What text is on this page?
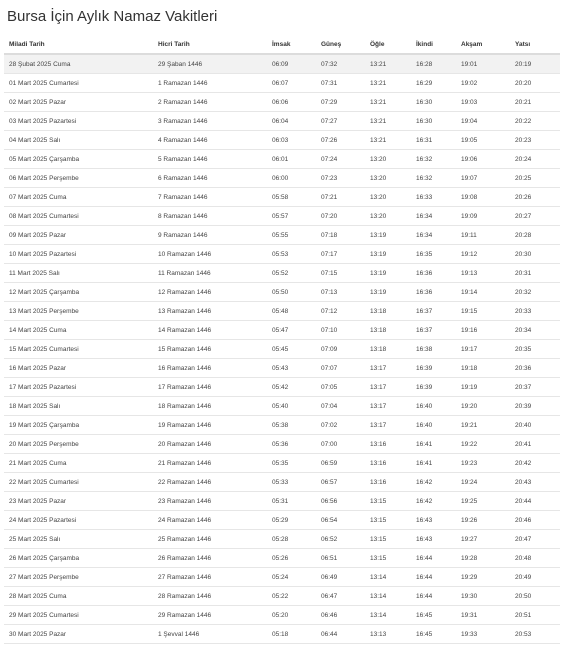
Bursa İçin Aylık Namaz Vakitleri
Miladi Tarih	Hicri Tarih	İmsak	Güneş	Öğle	İkindi	Akşam	Yatsı
28 Şubat 2025 Cuma	29 Şaban 1446	06:09	07:32	13:21	16:28	19:01	20:19
01 Mart 2025 Cumartesi	1 Ramazan 1446	06:07	07:31	13:21	16:29	19:02	20:20
02 Mart 2025 Pazar	2 Ramazan 1446	06:06	07:29	13:21	16:30	19:03	20:21
03 Mart 2025 Pazartesi	3 Ramazan 1446	06:04	07:27	13:21	16:30	19:04	20:22
04 Mart 2025 Salı	4 Ramazan 1446	06:03	07:26	13:21	16:31	19:05	20:23
05 Mart 2025 Çarşamba	5 Ramazan 1446	06:01	07:24	13:20	16:32	19:06	20:24
06 Mart 2025 Perşembe	6 Ramazan 1446	06:00	07:23	13:20	16:32	19:07	20:25
07 Mart 2025 Cuma	7 Ramazan 1446	05:58	07:21	13:20	16:33	19:08	20:26
08 Mart 2025 Cumartesi	8 Ramazan 1446	05:57	07:20	13:20	16:34	19:09	20:27
09 Mart 2025 Pazar	9 Ramazan 1446	05:55	07:18	13:19	16:34	19:11	20:28
10 Mart 2025 Pazartesi	10 Ramazan 1446	05:53	07:17	13:19	16:35	19:12	20:30
11 Mart 2025 Salı	11 Ramazan 1446	05:52	07:15	13:19	16:36	19:13	20:31
12 Mart 2025 Çarşamba	12 Ramazan 1446	05:50	07:13	13:19	16:36	19:14	20:32
13 Mart 2025 Perşembe	13 Ramazan 1446	05:48	07:12	13:18	16:37	19:15	20:33
14 Mart 2025 Cuma	14 Ramazan 1446	05:47	07:10	13:18	16:37	19:16	20:34
15 Mart 2025 Cumartesi	15 Ramazan 1446	05:45	07:09	13:18	16:38	19:17	20:35
16 Mart 2025 Pazar	16 Ramazan 1446	05:43	07:07	13:17	16:39	19:18	20:36
17 Mart 2025 Pazartesi	17 Ramazan 1446	05:42	07:05	13:17	16:39	19:19	20:37
18 Mart 2025 Salı	18 Ramazan 1446	05:40	07:04	13:17	16:40	19:20	20:39
19 Mart 2025 Çarşamba	19 Ramazan 1446	05:38	07:02	13:17	16:40	19:21	20:40
20 Mart 2025 Perşembe	20 Ramazan 1446	05:36	07:00	13:16	16:41	19:22	20:41
21 Mart 2025 Cuma	21 Ramazan 1446	05:35	06:59	13:16	16:41	19:23	20:42
22 Mart 2025 Cumartesi	22 Ramazan 1446	05:33	06:57	13:16	16:42	19:24	20:43
23 Mart 2025 Pazar	23 Ramazan 1446	05:31	06:56	13:15	16:42	19:25	20:44
24 Mart 2025 Pazartesi	24 Ramazan 1446	05:29	06:54	13:15	16:43	19:26	20:46
25 Mart 2025 Salı	25 Ramazan 1446	05:28	06:52	13:15	16:43	19:27	20:47
26 Mart 2025 Çarşamba	26 Ramazan 1446	05:26	06:51	13:15	16:44	19:28	20:48
27 Mart 2025 Perşembe	27 Ramazan 1446	05:24	06:49	13:14	16:44	19:29	20:49
28 Mart 2025 Cuma	28 Ramazan 1446	05:22	06:47	13:14	16:44	19:30	20:50
29 Mart 2025 Cumartesi	29 Ramazan 1446	05:20	06:46	13:14	16:45	19:31	20:51
30 Mart 2025 Pazar	1 Şevval 1446	05:18	06:44	13:13	16:45	19:33	20:53
